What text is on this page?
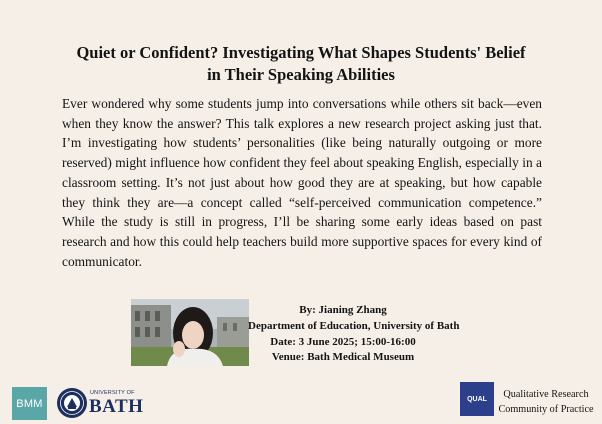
Quiet or Confident? Investigating What Shapes Students' Belief
in Their Speaking Abilities
Ever wondered why some students jump into conversations while others sit back—even when they know the answer? This talk explores a new research project asking just that. I’m investigating how students’ personalities (like being naturally outgoing or more reserved) might influence how confident they feel about speaking English, especially in a classroom setting. It’s not just about how good they are at speaking, but how capable they think they are—a concept called “self-perceived communication competence.” While the study is still in progress, I’ll be sharing some early ideas based on past research and how this could help teachers build more supportive spaces for every kind of communicator.
By: Jianing Zhang
Department of Education, University of Bath
Date: 3 June 2025; 15:00-16:00
Venue: Bath Medical Museum
BMM
UNIVERSITY OF
BATH	QUAL	Qualitative Research
Community of Practice
